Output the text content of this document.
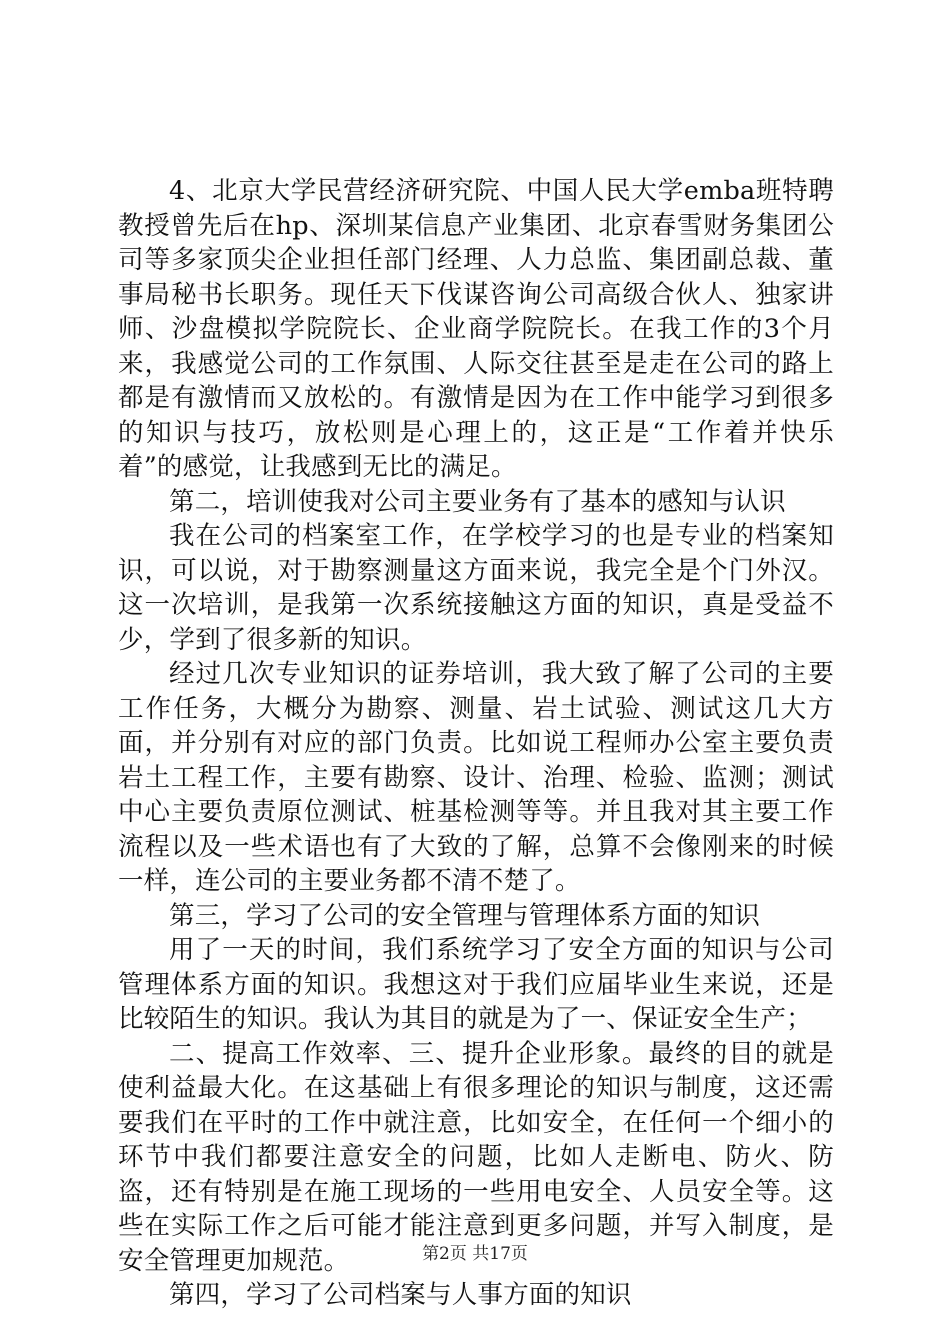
4、北京大学民营经济研究院、中国人民大学emba班特聘教授曾先后在hp、深圳某信息产业集团、北京春雪财务集团公司等多家顶尖企业担任部门经理、人力总监、集团副总裁、董事局秘书长职务。现任天下伐谋咨询公司高级合伙人、独家讲师、沙盘模拟学院院长、企业商学院院长。在我工作的3个月来，我感觉公司的工作氛围、人际交往甚至是走在公司的路上都是有激情而又放松的。有激情是因为在工作中能学习到很多的知识与技巧，放松则是心理上的，这正是“工作着并快乐着”的感觉，让我感到无比的满足。

第二，培训使我对公司主要业务有了基本的感知与认识

我在公司的档案室工作，在学校学习的也是专业的档案知识，可以说，对于勘察测量这方面来说，我完全是个门外汉。这一次培训，是我第一次系统接触这方面的知识，真是受益不少，学到了很多新的知识。

经过几次专业知识的证券培训，我大致了解了公司的主要工作任务，大概分为勘察、测量、岩土试验、测试这几大方面，并分别有对应的部门负责。比如说工程师办公室主要负责岩土工程工作，主要有勘察、设计、治理、检验、监测；测试中心主要负责原位测试、桩基检测等等。并且我对其主要工作流程以及一些术语也有了大致的了解，总算不会像刚来的时候一样，连公司的主要业务都不清不楚了。

第三，学习了公司的安全管理与管理体系方面的知识

用了一天的时间，我们系统学习了安全方面的知识与公司管理体系方面的知识。我想这对于我们应届毕业生来说，还是比较陌生的知识。我认为其目的就是为了一、保证安全生产；

二、提高工作效率、三、提升企业形象。最终的目的就是使利益最大化。在这基础上有很多理论的知识与制度，这还需要我们在平时的工作中就注意，比如安全，在任何一个细小的环节中我们都要注意安全的问题，比如人走断电、防火、防盗，还有特别是在施工现场的一些用电安全、人员安全等。这些在实际工作之后可能才能注意到更多问题，并写入制度，是安全管理更加规范。

第四，学习了公司档案与人事方面的知识

第2页 共17页
